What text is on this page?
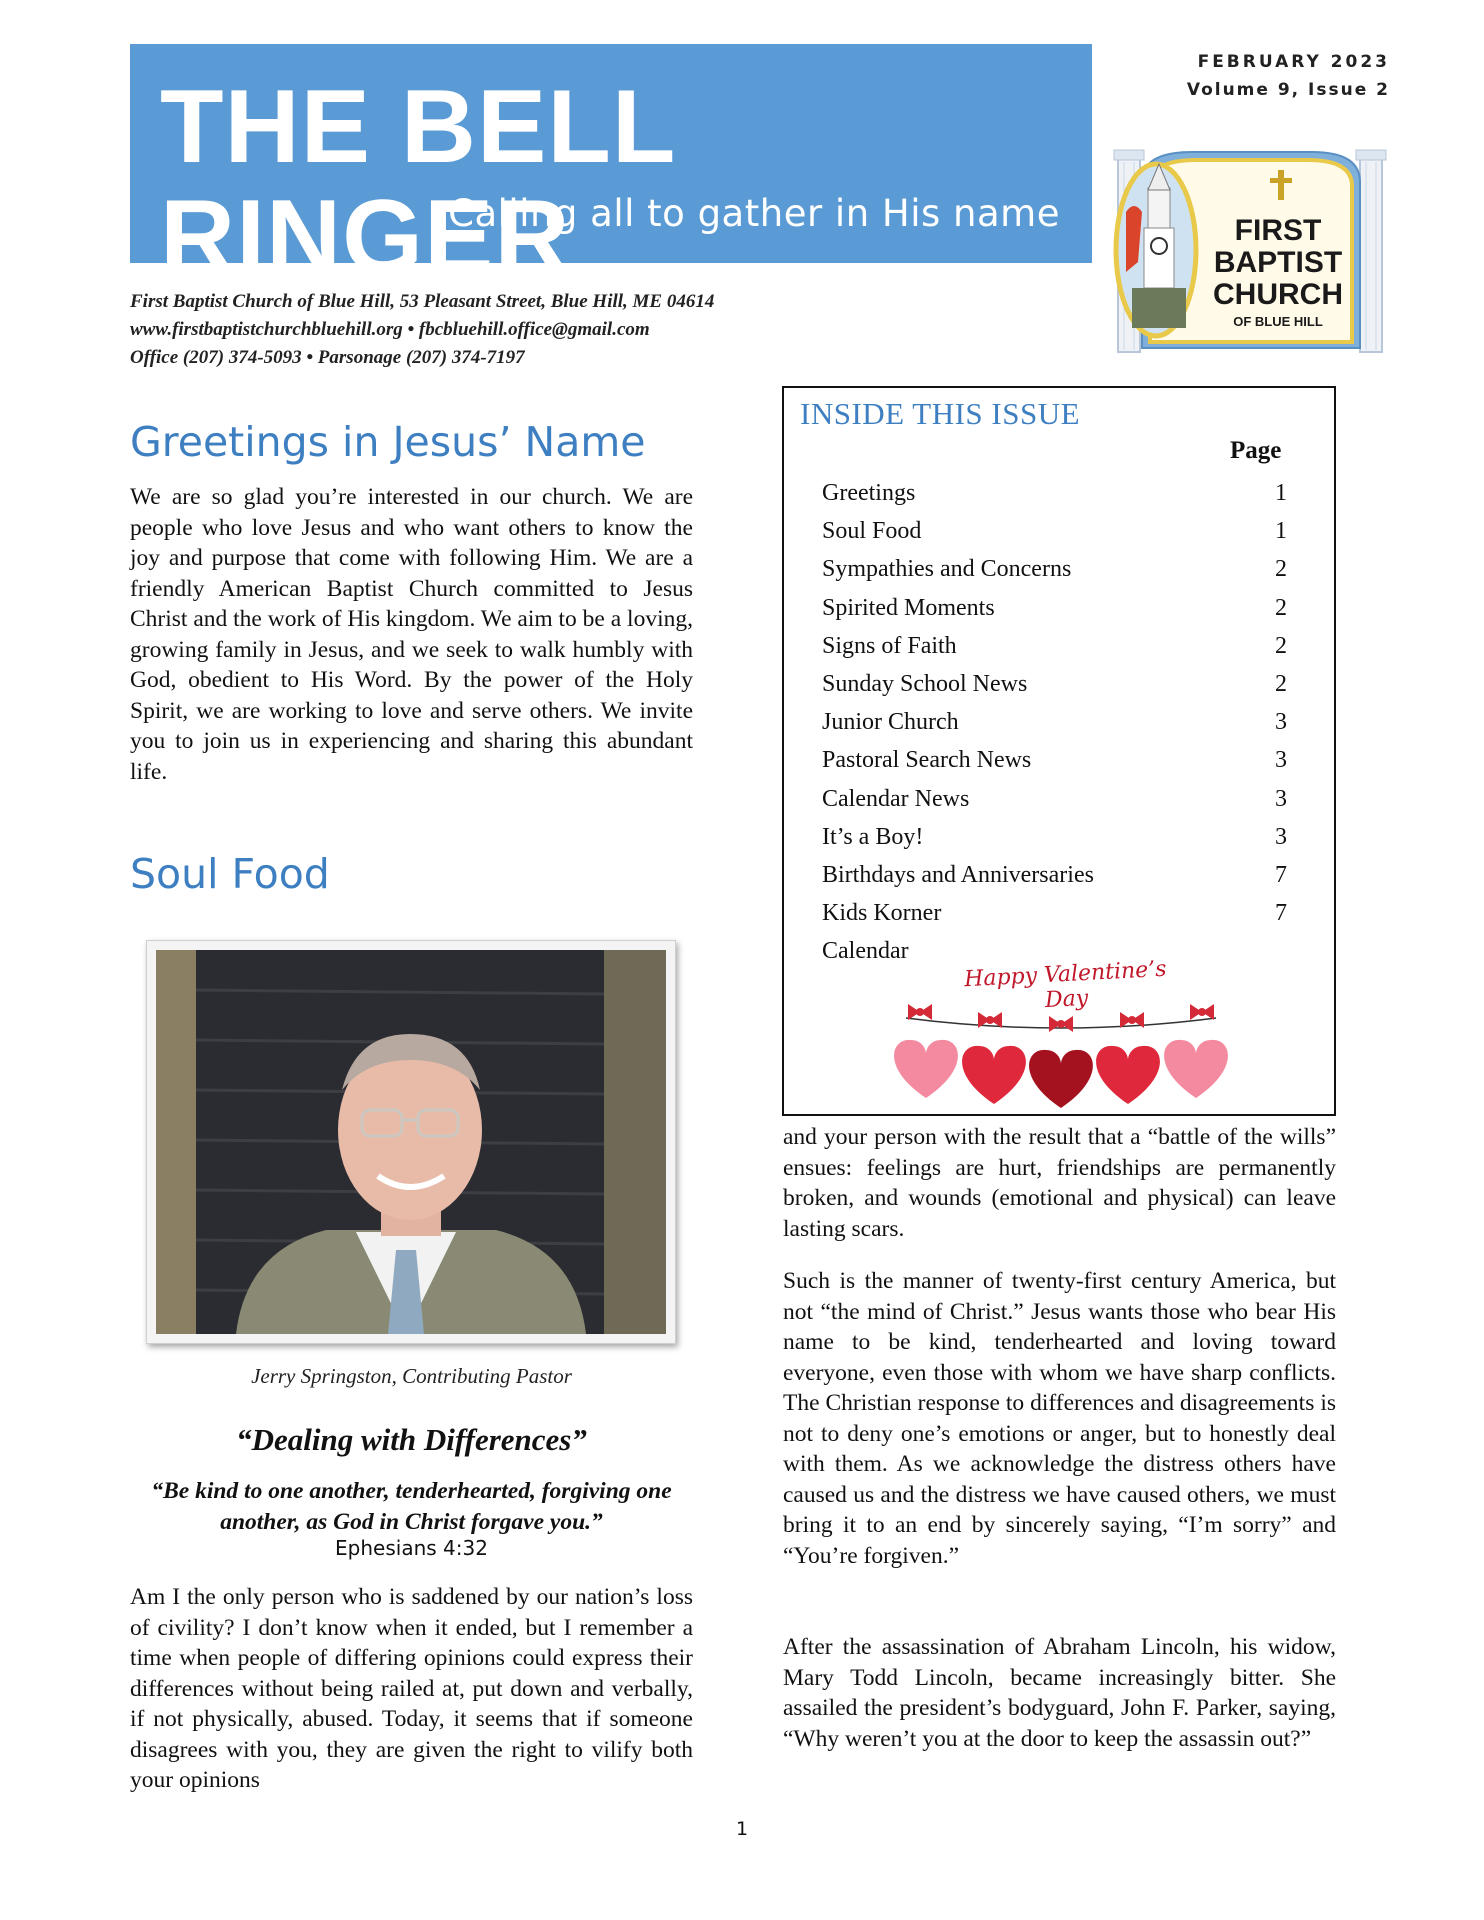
THE BELL RINGER
Calling all to gather in His name
FEBRUARY 2023
Volume 9, Issue 2
FIRST
BAPTIST
CHURCH
OF BLUE HILL
First Baptist Church of Blue Hill, 53 Pleasant Street, Blue Hill, ME 04614
www.firstbaptistchurchbluehill.org • fbcbluehill.office@gmail.com
Office (207) 374-5093 • Parsonage (207) 374-7197
Greetings in Jesus’ Name

We are so glad you’re interested in our church. We are people who love Jesus and who want others to know the joy and purpose that come with following Him. We are a friendly American Baptist Church committed to Jesus Christ and the work of His kingdom. We aim to be a loving, growing family in Jesus, and we seek to walk humbly with God, obedient to His Word. By the power of the Holy Spirit, we are working to love and serve others. We invite you to join us in experiencing and sharing this abundant life.

Soul Food
Jerry Springston, Contributing Pastor
“Dealing with Differences”
“Be kind to one another, tenderhearted, forgiving one another, as God in Christ forgave you.”
Ephesians 4:32

Am I the only person who is saddened by our nation’s loss of civility? I don’t know when it ended, but I remember a time when people of differing opinions could express their differences without being railed at, put down and verbally, if not physically, abused. Today, it seems that if someone disagrees with you, they are given the right to vilify both your opinions

and your person with the result that a “battle of the wills” ensues: feelings are hurt, friendships are permanently broken, and wounds (emotional and physical) can leave lasting scars.

Such is the manner of twenty-first century America, but not “the mind of Christ.” Jesus wants those who bear His name to be kind, tenderhearted and loving toward everyone, even those with whom we have sharp conflicts. The Christian response to differences and disagreements is not to deny one’s emotions or anger, but to honestly deal with them. As we acknowledge the distress others have caused us and the distress we have caused others, we must bring it to an end by sincerely saying, “I’m sorry” and “You’re forgiven.”

After the assassination of Abraham Lincoln, his widow, Mary Todd Lincoln, became increasingly bitter. She assailed the president’s bodyguard, John F. Parker, saying, “Why weren’t you at the door to keep the assassin out?”

INSIDE THIS ISSUE
Page
Greetings	1
Soul Food	1
Sympathies and Concerns	2
Spirited Moments	2
Signs of Faith	2
Sunday School News	2
Junior Church	3
Pastoral Search News	3
Calendar News	3
It’s a Boy!	3
Birthdays and Anniversaries	7
Kids Korner	7
Calendar
Happy Valentine’s Day
1
